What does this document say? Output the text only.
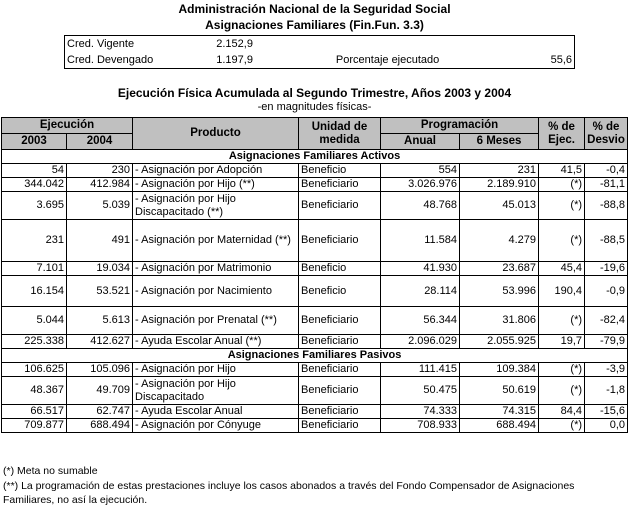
Administración Nacional de la Seguridad Social
Asignaciones Familiares (Fin.Fun. 3.3)
Cred. Vigente	2.152,9		
Cred. Devengado	1.197,9	Porcentaje ejecutado	55,6
Ejecución Física Acumulada al Segundo Trimestre, Años 2003 y 2004
-en magnitudes físicas-
Ejecución		Producto	Unidad de medida	Programación		% de Ejec.	% de Desvio
2003	2004			Anual	6 Meses		
Asignaciones Familiares Activos							
54	230	- Asignación por Adopción	Beneficio	554	231	41,5	-0,4
344.042	412.984	- Asignación por Hijo (**)	Beneficiario	3.026.976	2.189.910	(*)	-81,1
3.695	5.039	- Asignación por Hijo Discapacitado (**)	Beneficiario	48.768	45.013	(*)	-88,8
231	491	- Asignación por Maternidad (**)	Beneficiario	11.584	4.279	(*)	-88,5
7.101	19.034	- Asignación por Matrimonio	Beneficio	41.930	23.687	45,4	-19,6
16.154	53.521	- Asignación por Nacimiento	Beneficio	28.114	53.996	190,4	-0,9
5.044	5.613	- Asignación por Prenatal (**)	Beneficiario	56.344	31.806	(*)	-82,4
225.338	412.627	- Ayuda Escolar Anual (**)	Beneficiario	2.096.029	2.055.925	19,7	-79,9
Asignaciones Familiares Pasivos							
106.625	105.096	- Asignación por Hijo	Beneficiario	111.415	109.384	(*)	-3,9
48.367	49.709	- Asignación por Hijo Discapacitado	Beneficiario	50.475	50.619	(*)	-1,8
66.517	62.747	- Ayuda Escolar Anual	Beneficiario	74.333	74.315	84,4	-15,6
709.877	688.494	- Asignación por Cónyuge	Beneficiario	708.933	688.494	(*)	0,0
(*) Meta no sumable
(**) La programación de estas prestaciones incluye los casos abonados a través del Fondo Compensador de Asignaciones Familiares, no así la ejecución.
